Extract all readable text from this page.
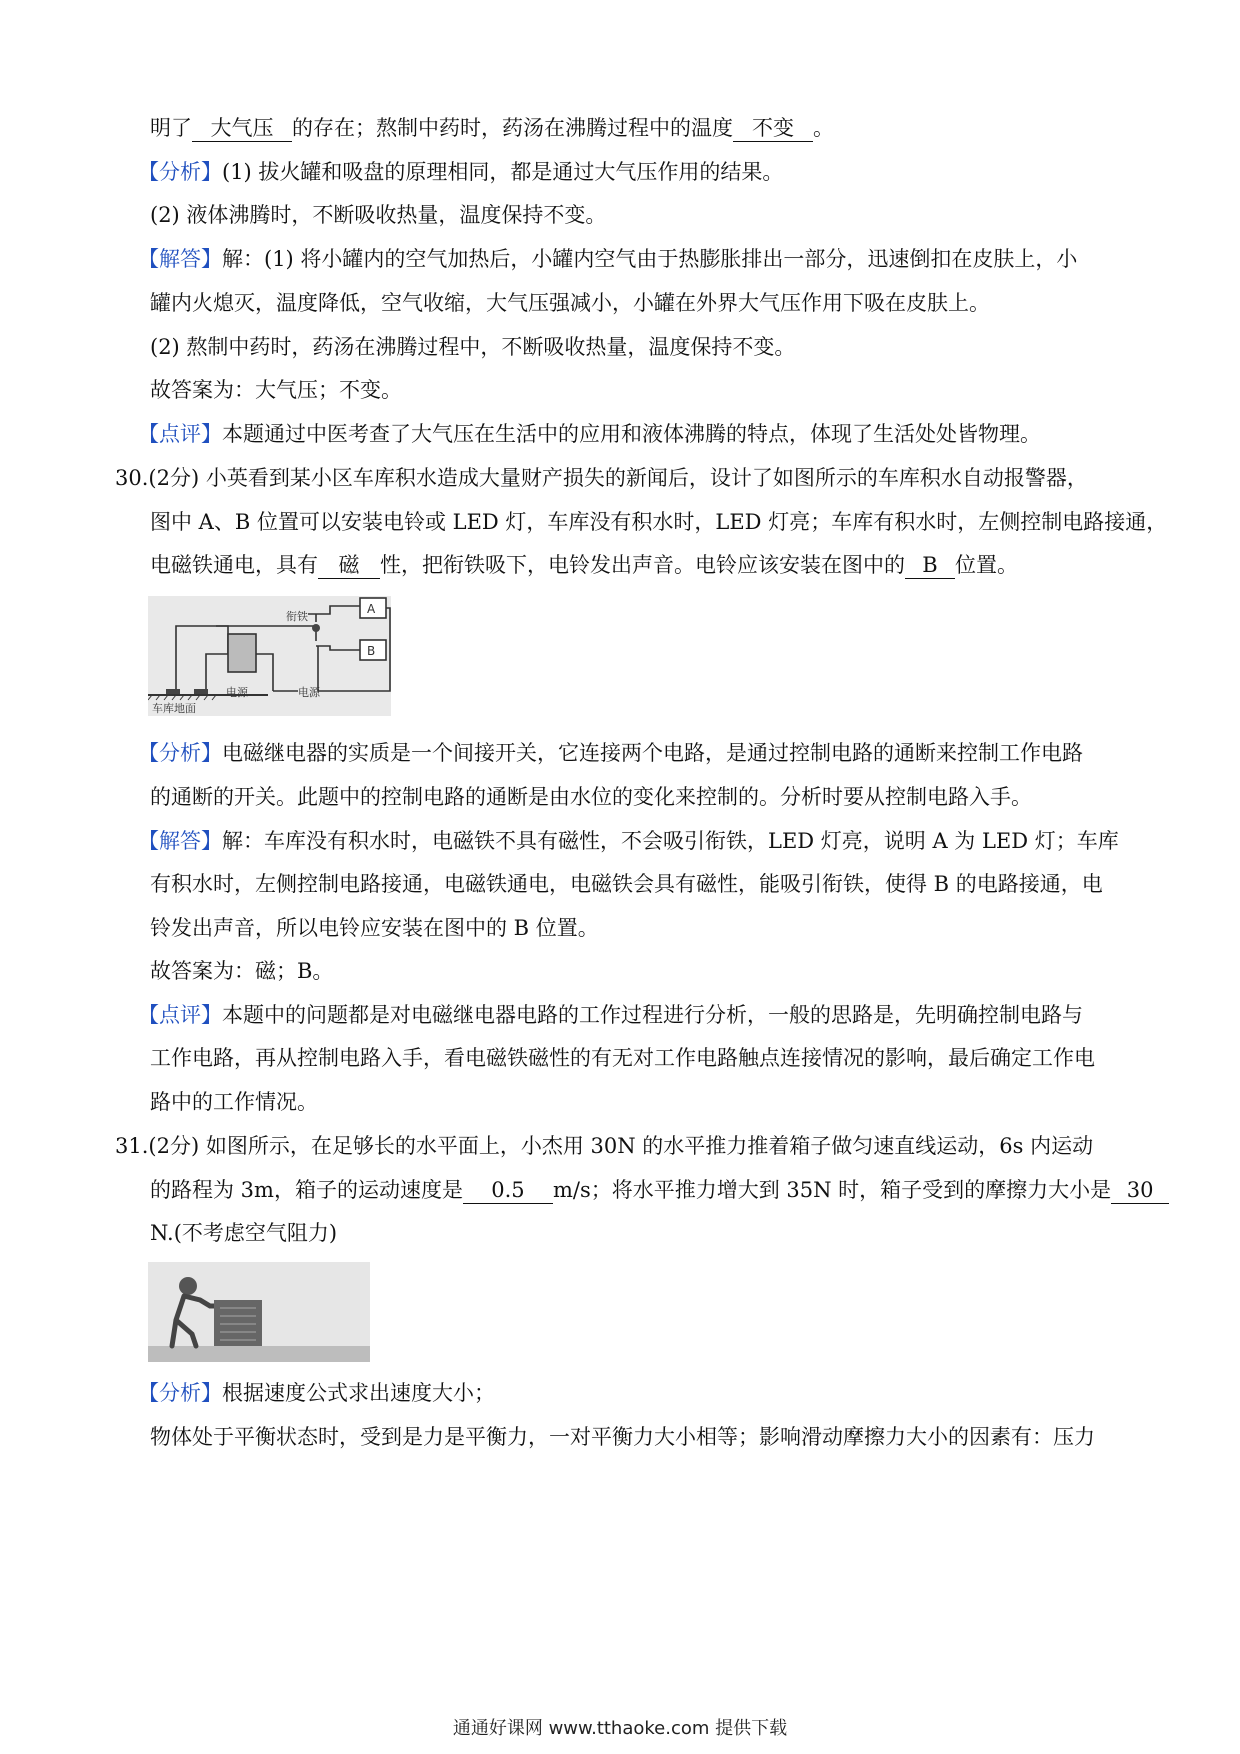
明了 大气压 的存在；熬制中药时，药汤在沸腾过程中的温度 不变 。
【分析】(1) 拔火罐和吸盘的原理相同，都是通过大气压作用的结果。
(2) 液体沸腾时，不断吸收热量，温度保持不变。
【解答】解：(1) 将小罐内的空气加热后，小罐内空气由于热膨胀排出一部分，迅速倒扣在皮肤上，小
罐内火熄灭，温度降低，空气收缩，大气压强减小，小罐在外界大气压作用下吸在皮肤上。
(2) 熬制中药时，药汤在沸腾过程中，不断吸收热量，温度保持不变。
故答案为：大气压；不变。
【点评】本题通过中医考查了大气压在生活中的应用和液体沸腾的特点，体现了生活处处皆物理。
30.(2分) 小英看到某小区车库积水造成大量财产损失的新闻后，设计了如图所示的车库积水自动报警器，
图中 A、B 位置可以安装电铃或 LED 灯，车库没有积水时，LED 灯亮；车库有积水时，左侧控制电路接通，
电磁铁通电，具有 磁 性，把衔铁吸下，电铃发出声音。电铃应该安装在图中的 B 位置。
衔铁
A
B
电源	电源
车库地面
【分析】电磁继电器的实质是一个间接开关，它连接两个电路，是通过控制电路的通断来控制工作电路
的通断的开关。此题中的控制电路的通断是由水位的变化来控制的。分析时要从控制电路入手。
【解答】解：车库没有积水时，电磁铁不具有磁性，不会吸引衔铁，LED 灯亮，说明 A 为 LED 灯；车库
有积水时，左侧控制电路接通，电磁铁通电，电磁铁会具有磁性，能吸引衔铁，使得 B 的电路接通，电
铃发出声音，所以电铃应安装在图中的 B 位置。
故答案为：磁；B。
【点评】本题中的问题都是对电磁继电器电路的工作过程进行分析，一般的思路是，先明确控制电路与
工作电路，再从控制电路入手，看电磁铁磁性的有无对工作电路触点连接情况的影响，最后确定工作电
路中的工作情况。
31.(2分) 如图所示，在足够长的水平面上，小杰用 30N 的水平推力推着箱子做匀速直线运动，6s 内运动
的路程为 3m，箱子的运动速度是 0.5 m/s；将水平推力增大到 35N 时，箱子受到的摩擦力大小是 30
N.(不考虑空气阻力)
【分析】根据速度公式求出速度大小；
物体处于平衡状态时，受到是力是平衡力，一对平衡力大小相等；影响滑动摩擦力大小的因素有：压力
通通好课网 www.tthaoke.com 提供下载
